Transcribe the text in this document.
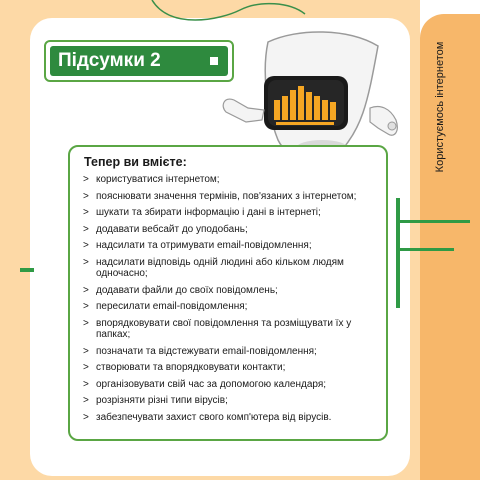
Користуємось інтернетом
Підсумки 2
Тепер ви вмієте:
> користуватися інтернетом;
> пояснювати значення термінів, пов'язаних з інтернетом;
> шукати та збирати інформацію і дані в інтернеті;
> додавати вебсайт до уподобань;
> надсилати та отримувати email-повідомлення;
> надсилати відповідь одній людині або кільком людям одночасно;
> додавати файли до своїх повідомлень;
> пересилати email-повідомлення;
> впорядковувати свої повідомлення та розміщувати їх у папках;
> позначати та відстежувати email-повідомлення;
> створювати та впорядковувати контакти;
> організовувати свій час за допомогою календаря;
> розрізняти різні типи вірусів;
> забезпечувати захист свого комп'ютера від вірусів.
